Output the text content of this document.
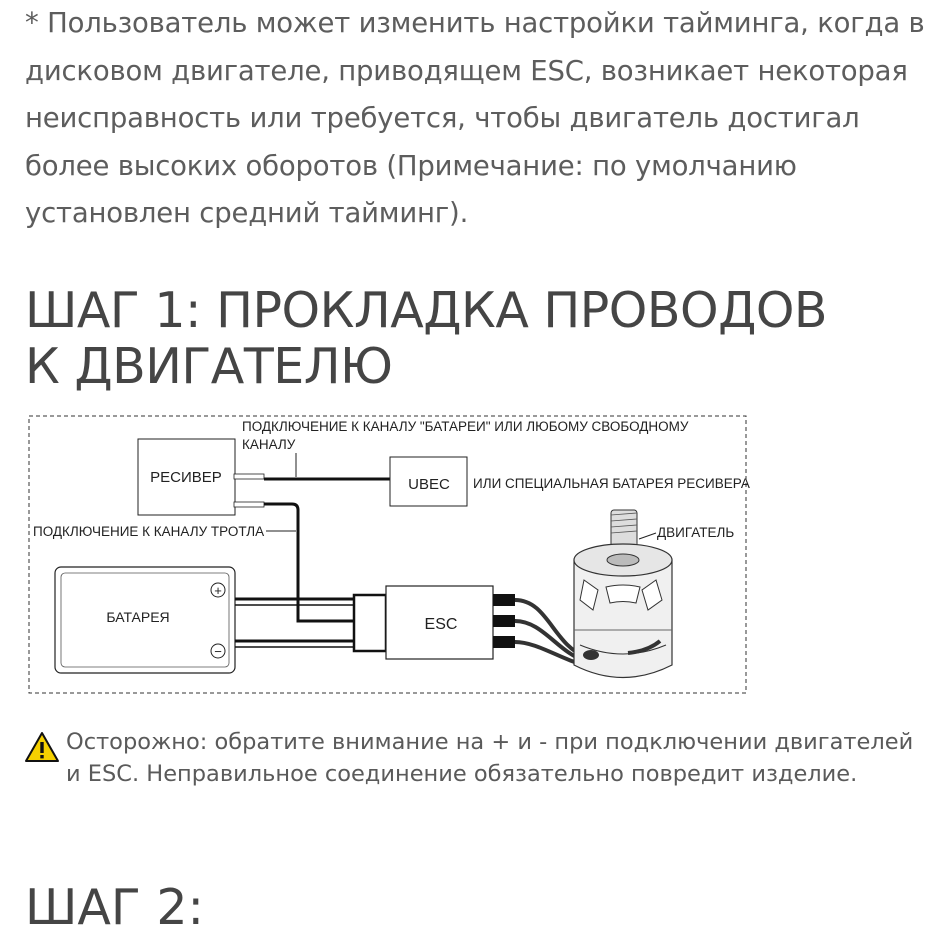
* Пользователь может изменить настройки тайминга, когда в дисковом двигателе, приводящем ESC, возникает некоторая неисправность или требуется, чтобы двигатель достигал более высоких оборотов (Примечание: по умолчанию установлен средний тайминг).

ШАГ 1: ПРОКЛАДКА ПРОВОДОВ
К ДВИГАТЕЛЮ
ПОДКЛЮЧЕНИЕ К КАНАЛУ "БАТАРЕИ" ИЛИ ЛЮБОМУ СВОБОДНОМУ
КАНАЛУ
РЕСИВЕР	UBEC ИЛИ СПЕЦИАЛЬНАЯ БАТАРЕЯ РЕСИВЕРА
ПОДКЛЮЧЕНИЕ К КАНАЛУ ТРОТЛА
БАТАРЕЯ
+
−
ESC
ДВИГАТЕЛЬ

Осторожно: обратите внимание на + и - при подключении двигателей и ESC. Неправильное соединение обязательно повредит изделие.

ШАГ 2:
